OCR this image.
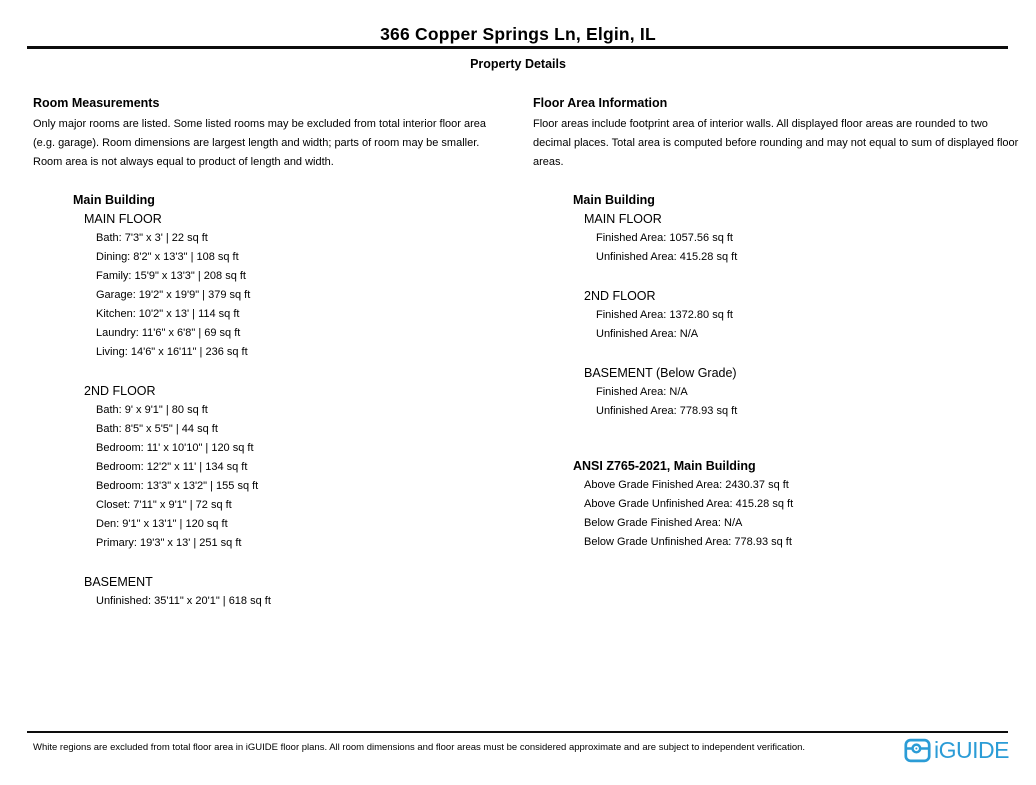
366 Copper Springs Ln, Elgin, IL
Property Details
Room Measurements
Only major rooms are listed. Some listed rooms may be excluded from total interior floor area (e.g. garage). Room dimensions are largest length and width; parts of room may be smaller. Room area is not always equal to product of length and width.
Main Building
MAIN FLOOR
Bath: 7'3" x 3' | 22 sq ft
Dining: 8'2" x 13'3" | 108 sq ft
Family: 15'9" x 13'3" | 208 sq ft
Garage: 19'2" x 19'9" | 379 sq ft
Kitchen: 10'2" x 13' | 114 sq ft
Laundry: 11'6" x 6'8" | 69 sq ft
Living: 14'6" x 16'11" | 236 sq ft
2ND FLOOR
Bath: 9' x 9'1" | 80 sq ft
Bath: 8'5" x 5'5" | 44 sq ft
Bedroom: 11' x 10'10" | 120 sq ft
Bedroom: 12'2" x 11' | 134 sq ft
Bedroom: 13'3" x 13'2" | 155 sq ft
Closet: 7'11" x 9'1" | 72 sq ft
Den: 9'1" x 13'1" | 120 sq ft
Primary: 19'3" x 13' | 251 sq ft
BASEMENT
Unfinished: 35'11" x 20'1" | 618 sq ft
Floor Area Information
Floor areas include footprint area of interior walls. All displayed floor areas are rounded to two decimal places. Total area is computed before rounding and may not equal to sum of displayed floor areas.
Main Building
MAIN FLOOR
Finished Area: 1057.56 sq ft
Unfinished Area: 415.28 sq ft
2ND FLOOR
Finished Area: 1372.80 sq ft
Unfinished Area: N/A
BASEMENT (Below Grade)
Finished Area: N/A
Unfinished Area: 778.93 sq ft
ANSI Z765-2021, Main Building
Above Grade Finished Area: 2430.37 sq ft
Above Grade Unfinished Area: 415.28 sq ft
Below Grade Finished Area: N/A
Below Grade Unfinished Area: 778.93 sq ft
White regions are excluded from total floor area in iGUIDE floor plans. All room dimensions and floor areas must be considered approximate and are subject to independent verification.	iGUIDE
